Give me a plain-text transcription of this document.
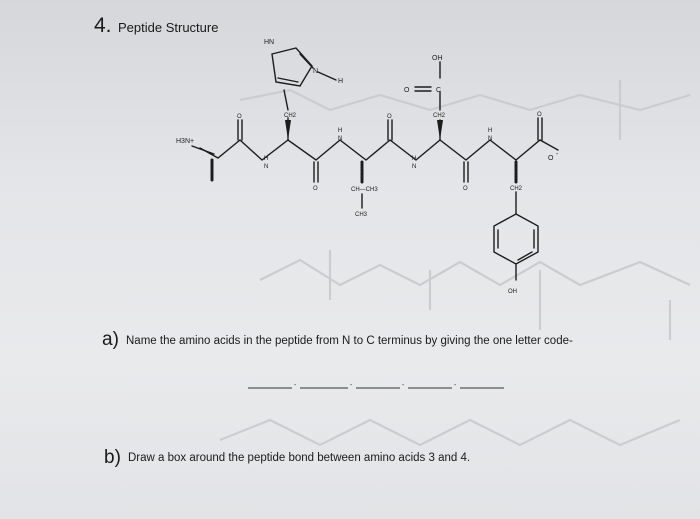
4. Peptide Structure
H3N+
HN
N
H
CH2
OH
C
O
CH2
CH—CH3
CH3
CH2
OH
O
-
O
O
O
O
O
N
H
N
H
N
H
N
H
a) Name the amino acids in the peptide from N to C terminus by giving the one letter code-
-	-	-	-
b) Draw a box around the peptide bond between amino acids 3 and 4.
